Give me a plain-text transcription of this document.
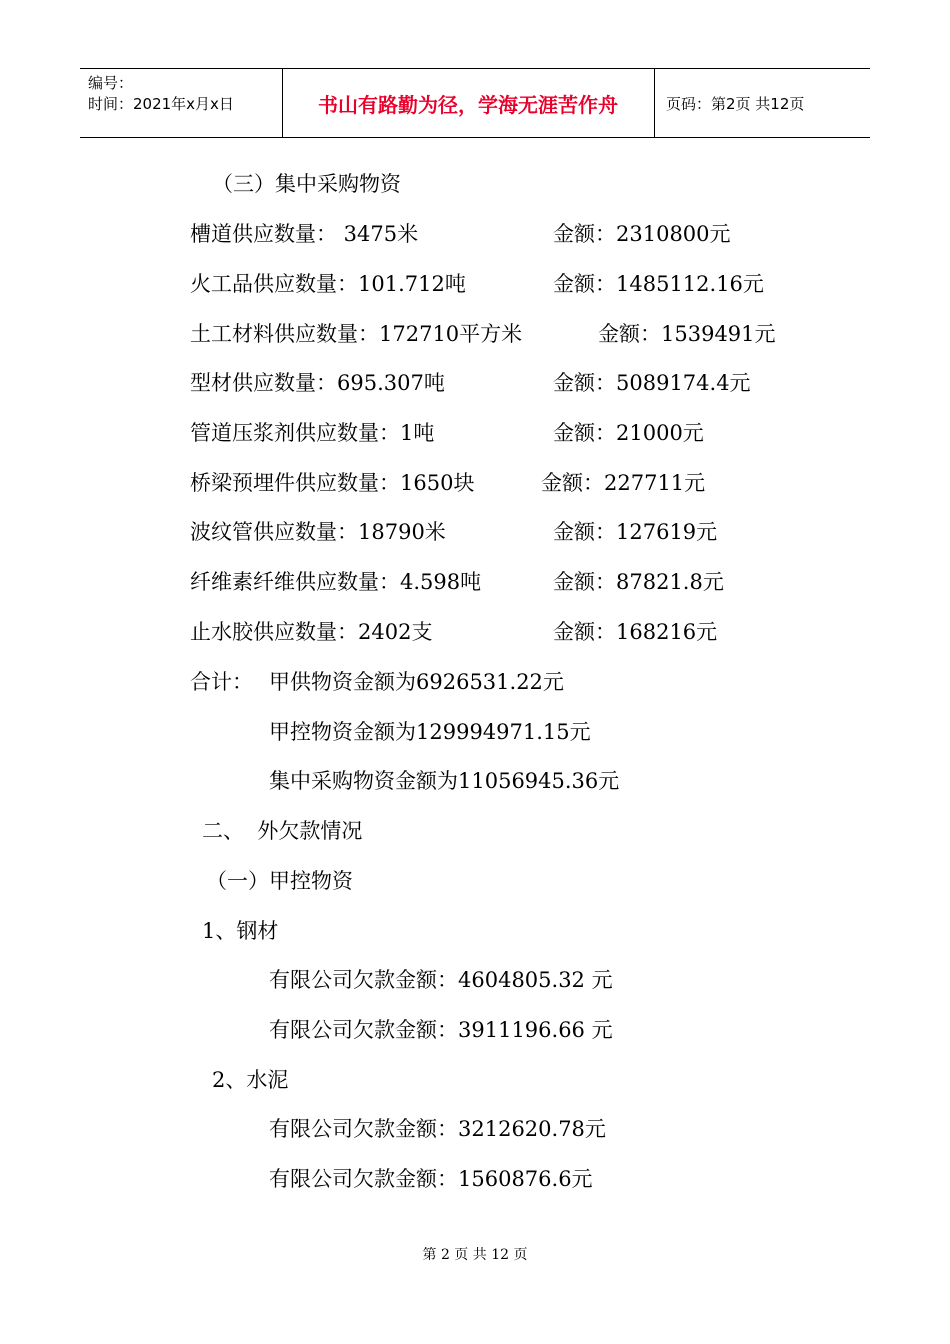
编号：
时间：2021年x月x日	书山有路勤为径，学海无涯苦作舟	页码：第2页 共12页
（三）集中采购物资
槽道供应数量： 3475米	金额：2310800元
火工品供应数量：101.712吨	金额：1485112.16元
土工材料供应数量：172710平方米	金额：1539491元
型材供应数量：695.307吨	金额：5089174.4元
管道压浆剂供应数量：1吨	金额：21000元
桥梁预埋件供应数量：1650块	金额：227711元
波纹管供应数量：18790米	金额：127619元
纤维素纤维供应数量：4.598吨	金额：87821.8元
止水胶供应数量：2402支	金额：168216元
合计： 甲供物资金额为6926531.22元
甲控物资金额为129994971.15元
集中采购物资金额为11056945.36元
二、  外欠款情况
（一）甲控物资
1、钢材
有限公司欠款金额：4604805.32 元
有限公司欠款金额：3911196.66 元
2、水泥
有限公司欠款金额：3212620.78元
有限公司欠款金额：1560876.6元
第 2 页 共 12 页
